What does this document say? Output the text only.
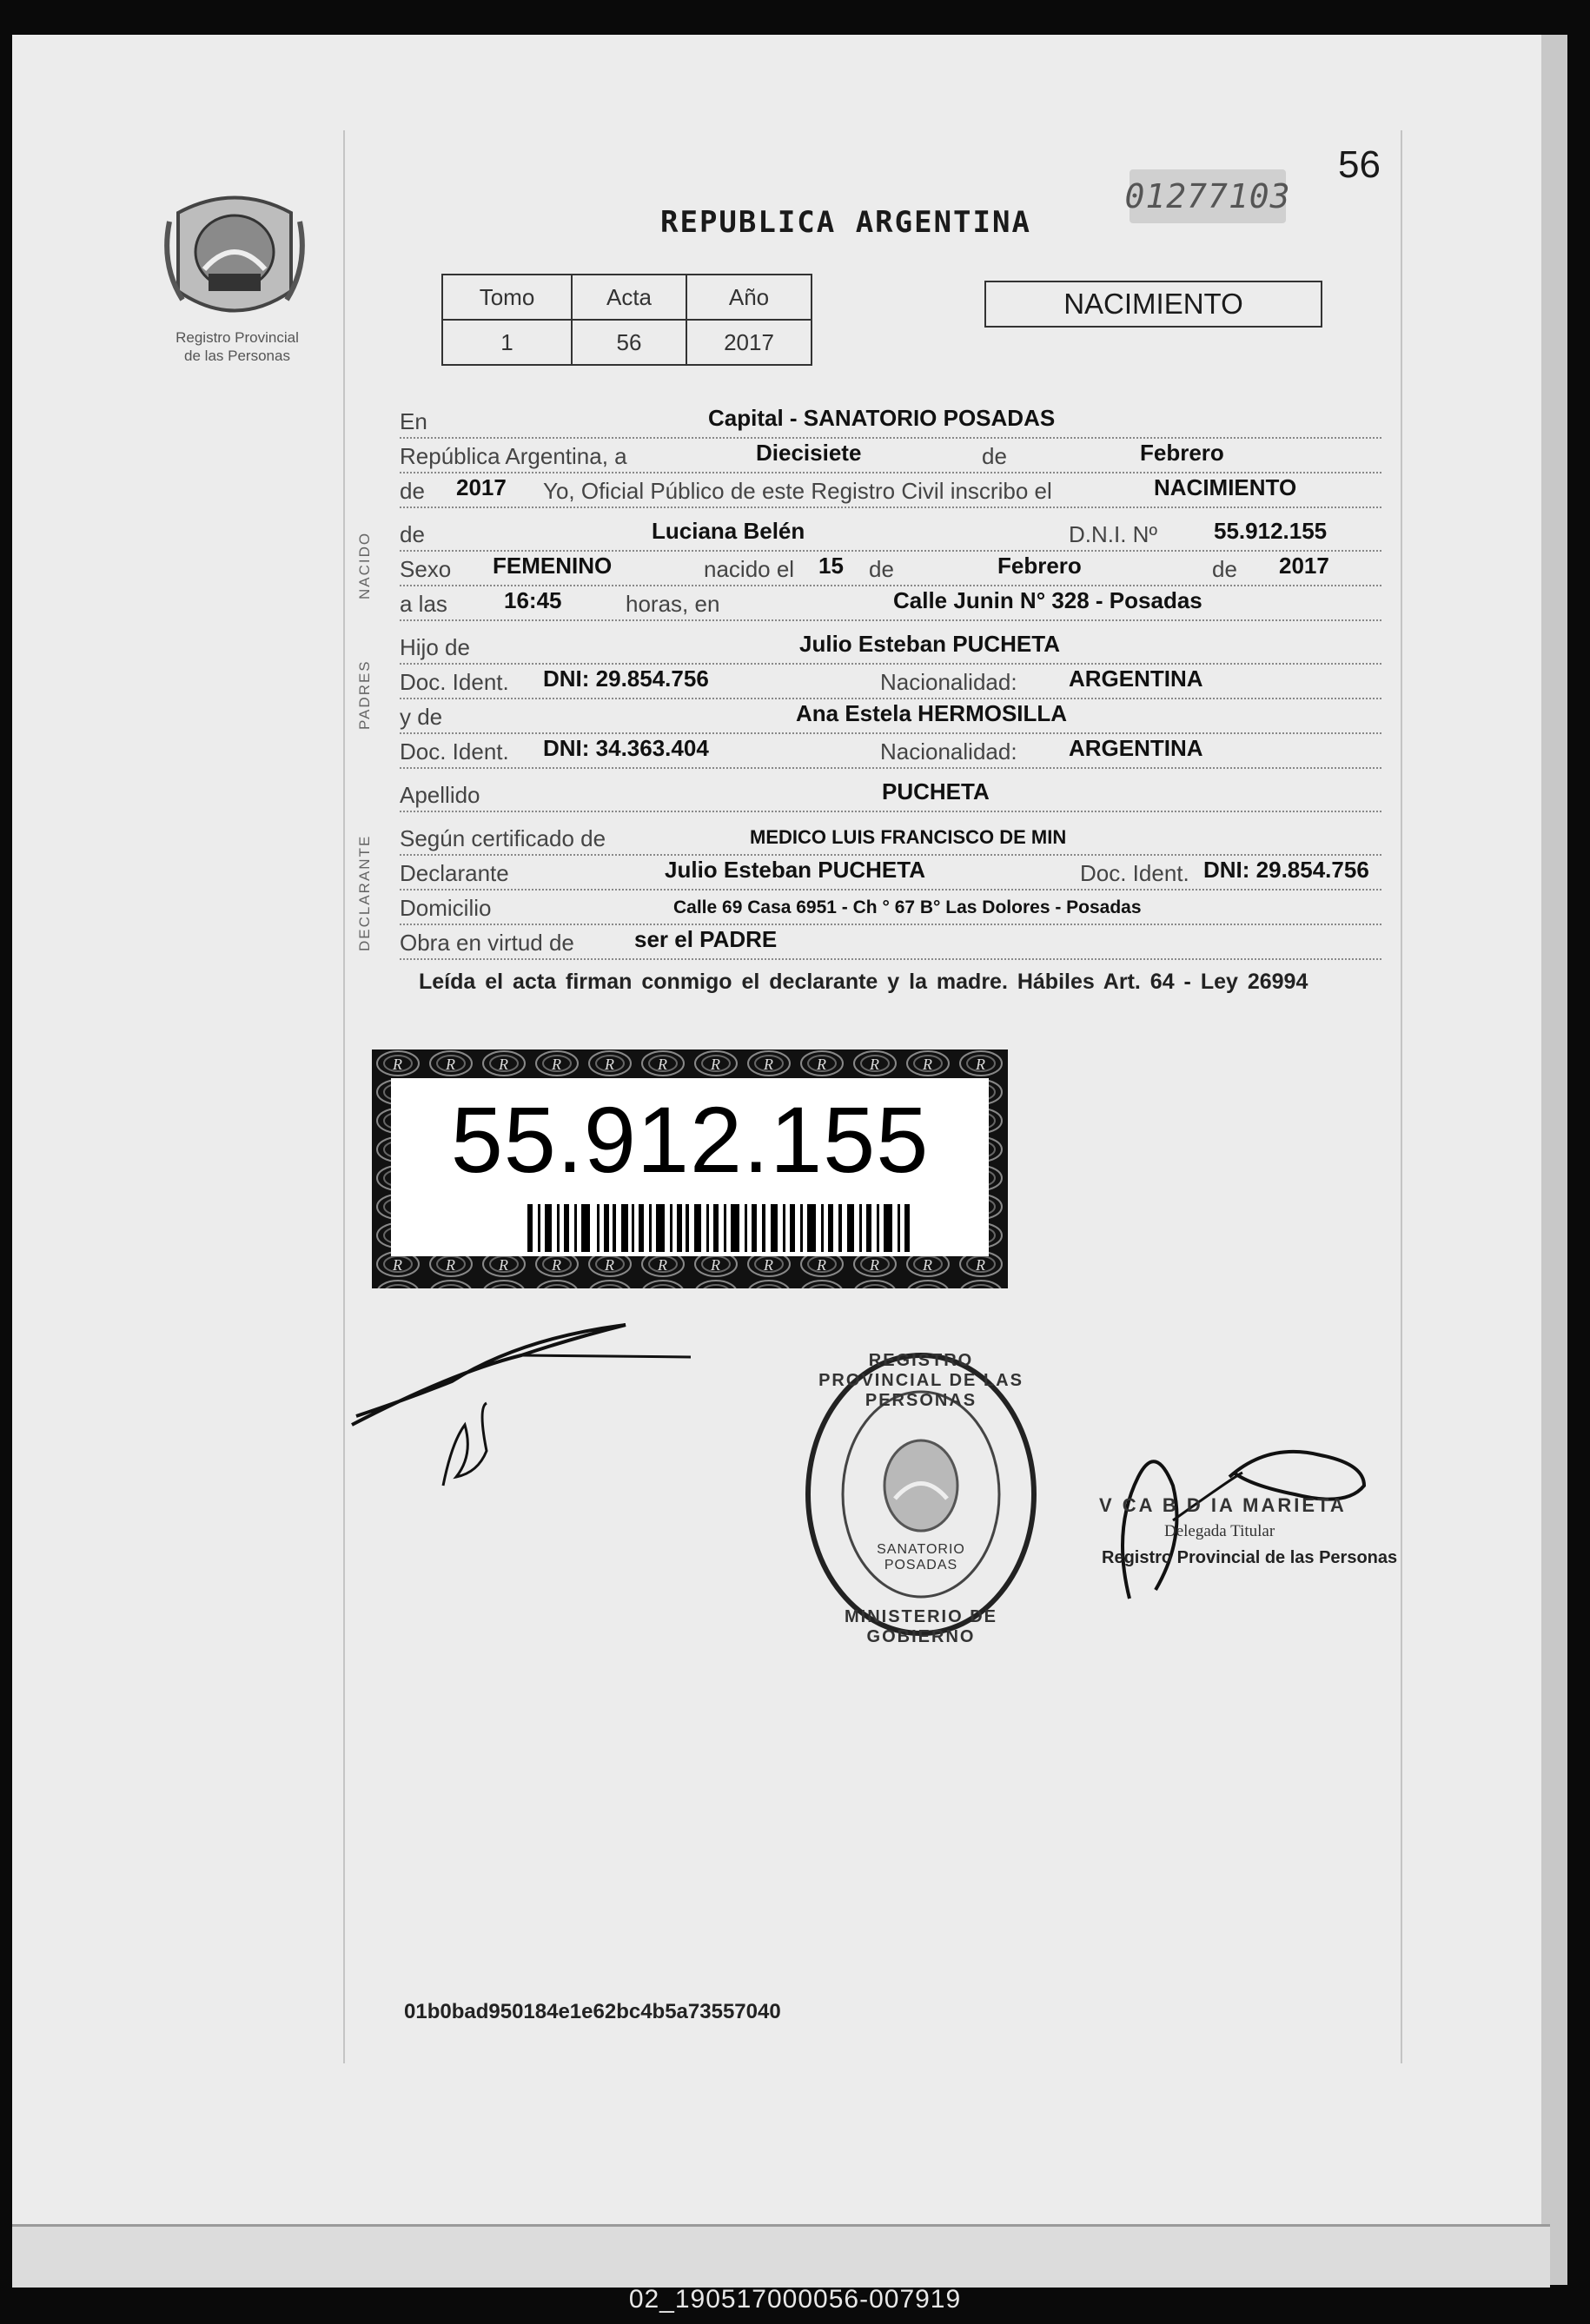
56
01277103
REPUBLICA ARGENTINA
Registro Provincial
de las Personas
Tomo	Acta	Año
1	56	2017
NACIMIENTO
En	Capital - SANATORIO POSADAS
República Argentina, a	Diecisiete	de	Febrero
de 2017 Yo, Oficial Público de este Registro Civil inscribo el	NACIMIENTO
de	Luciana Belén	D.N.I. Nº	55.912.155
Sexo FEMENINO	nacido el 15 de	Febrero	de 2017
a las	16:45	horas, en	Calle Junin N° 328 - Posadas
Hijo de	Julio Esteban PUCHETA
Doc. Ident. DNI: 29.854.756	Nacionalidad: ARGENTINA
y de	Ana Estela HERMOSILLA
Doc. Ident. DNI: 34.363.404	Nacionalidad: ARGENTINA
Apellido	PUCHETA
Según certificado de	MEDICO LUIS FRANCISCO DE MIN
Declarante	Julio Esteban PUCHETA	Doc. Ident. DNI: 29.854.756
Domicilio	Calle 69 Casa 6951 - Ch ° 67 B° Las Dolores - Posadas
Obra en virtud de	ser el PADRE
NACIDO
PADRES
DECLARANTE
Leída el acta firman conmigo el declarante y la madre. Hábiles Art. 64 - Ley 26994
55.912.155
V CA B D IA MARIETA
Delegada Titular
Registro Provincial de las Personas
REGISTRO PROVINCIAL DE LAS PERSONAS
SANATORIO POSADAS
MINISTERIO DE GOBIERNO
01b0bad950184e1e62bc4b5a73557040
02_190517000056-007919
